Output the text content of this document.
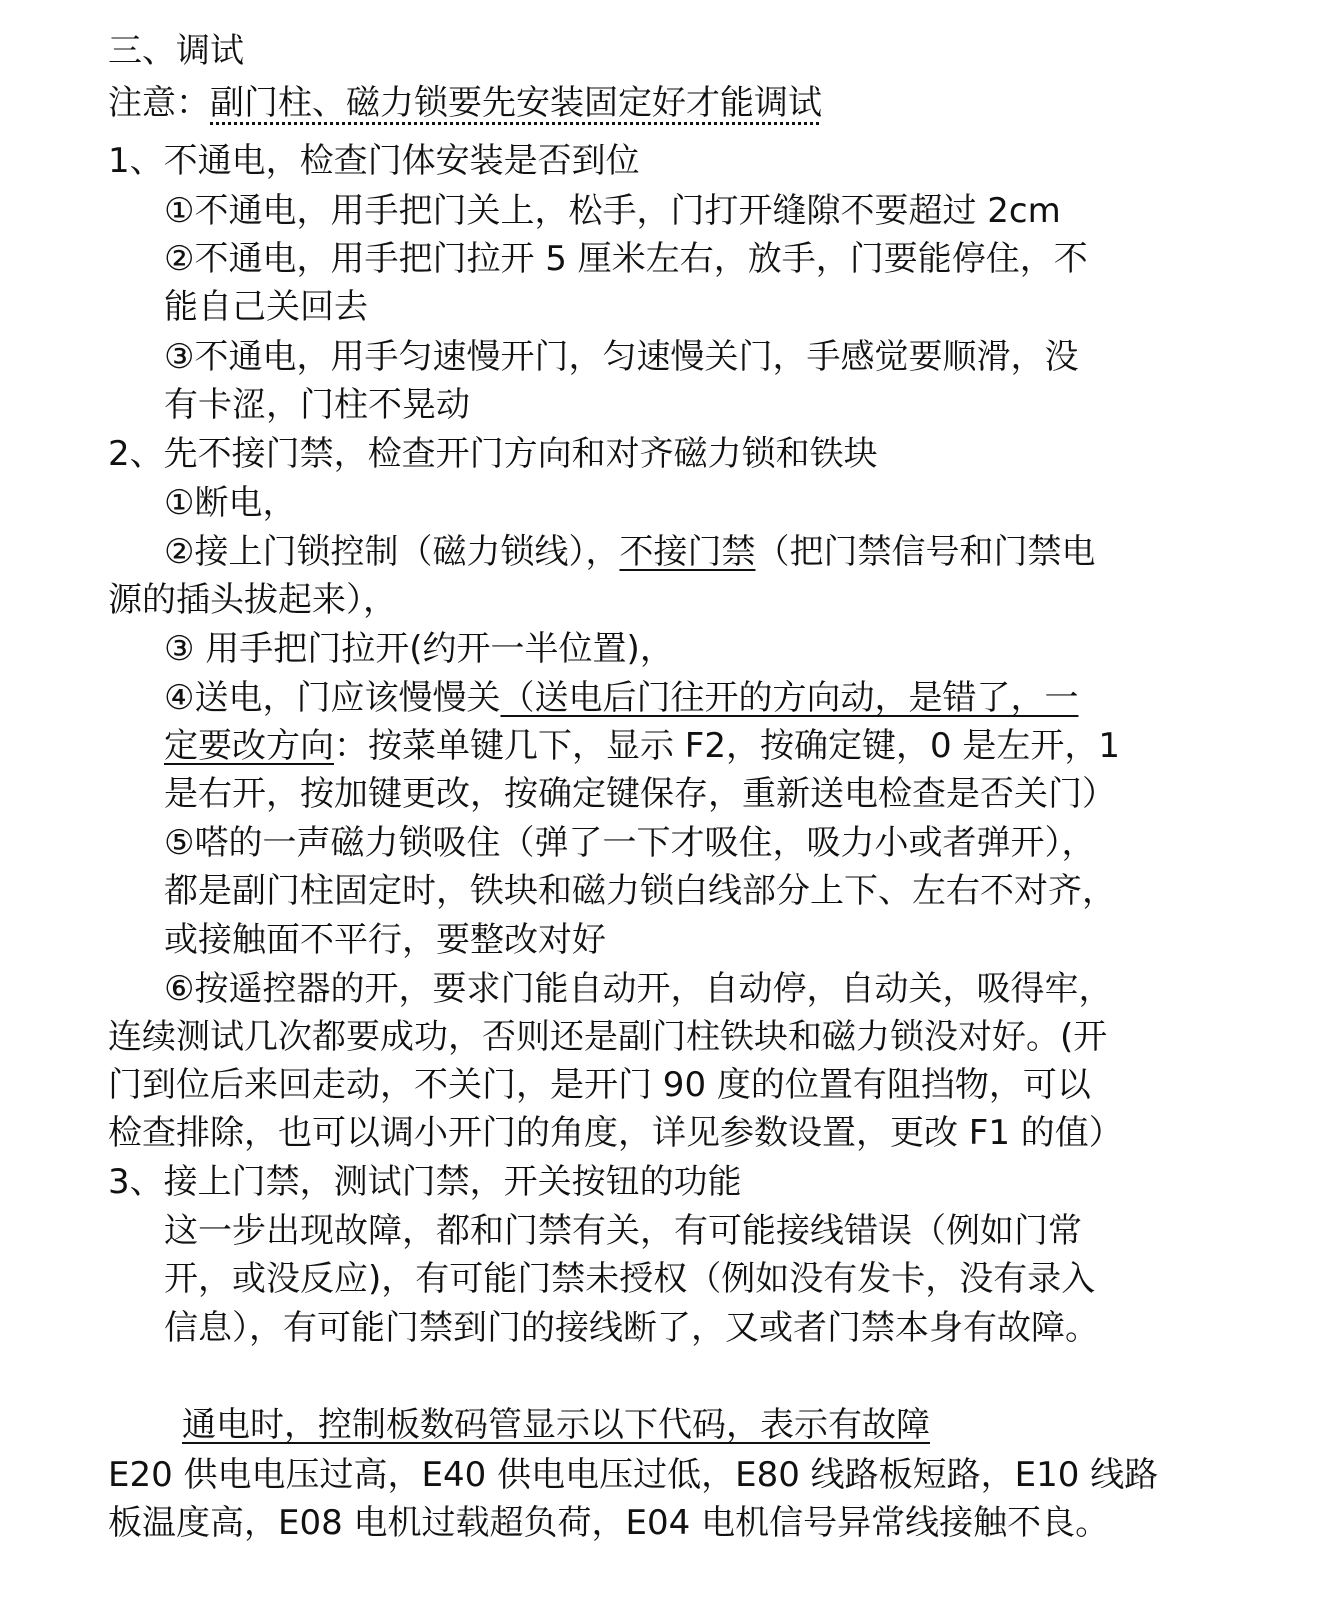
三、调试
注意：副门柱、磁力锁要先安装固定好才能调试
1、不通电，检查门体安装是否到位
①不通电，用手把门关上，松手，门打开缝隙不要超过 2cm
②不通电，用手把门拉开 5 厘米左右，放手，门要能停住，不
能自己关回去
③不通电，用手匀速慢开门，匀速慢关门，手感觉要顺滑，没
有卡涩，门柱不晃动
2、先不接门禁，检查开门方向和对齐磁力锁和铁块
①断电，
②接上门锁控制（磁力锁线），不接门禁（把门禁信号和门禁电
源的插头拔起来），
③ 用手把门拉开(约开一半位置)，
④送电，门应该慢慢关（送电后门往开的方向动，是错了，一
定要改方向：按菜单键几下，显示 F2，按确定键，0 是左开，1
是右开，按加键更改，按确定键保存，重新送电检查是否关门）
⑤嗒的一声磁力锁吸住（弹了一下才吸住，吸力小或者弹开），
都是副门柱固定时，铁块和磁力锁白线部分上下、左右不对齐，
或接触面不平行，要整改对好
⑥按遥控器的开，要求门能自动开，自动停，自动关，吸得牢，
连续测试几次都要成功，否则还是副门柱铁块和磁力锁没对好。(开
门到位后来回走动，不关门，是开门 90 度的位置有阻挡物，可以
检查排除，也可以调小开门的角度，详见参数设置，更改 F1 的值）
3、接上门禁，测试门禁，开关按钮的功能
这一步出现故障，都和门禁有关，有可能接线错误（例如门常
开，或没反应)，有可能门禁未授权（例如没有发卡，没有录入
信息），有可能门禁到门的接线断了，又或者门禁本身有故障。
通电时，控制板数码管显示以下代码，表示有故障
E20 供电电压过高，E40 供电电压过低，E80 线路板短路，E10 线路
板温度高，E08 电机过载超负荷，E04 电机信号异常线接触不良。
